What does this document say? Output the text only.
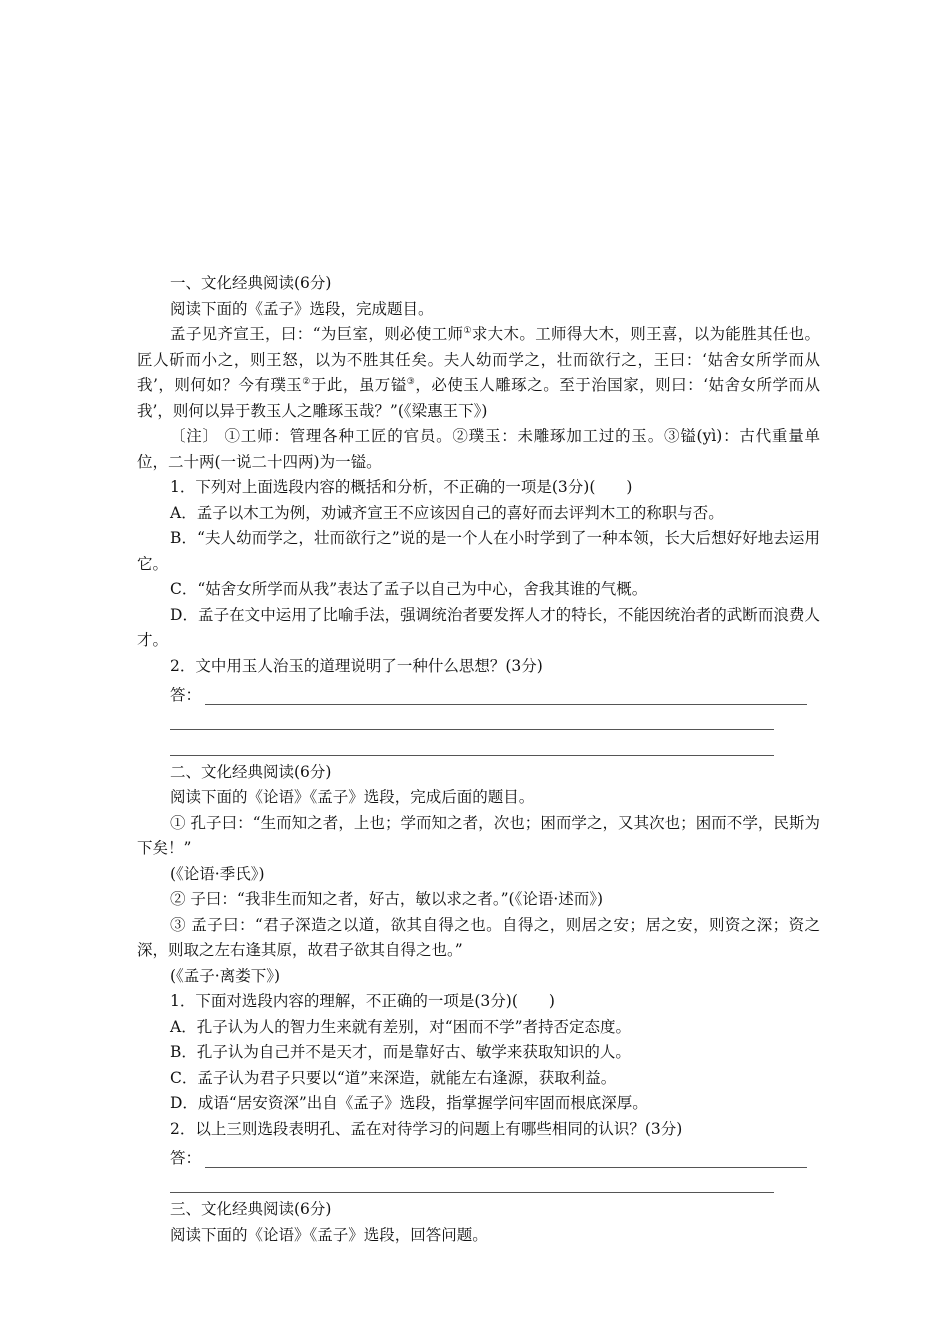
一、文化经典阅读(6分)

阅读下面的《孟子》选段，完成题目。

孟子见齐宣王，曰：“为巨室，则必使工师①求大木。工师得大木，则王喜，以为能胜其任也。匠人斫而小之，则王怒，以为不胜其任矣。夫人幼而学之，壮而欲行之，王曰：‘姑舍女所学而从我’，则何如？今有璞玉②于此，虽万镒③，必使玉人雕琢之。至于治国家，则曰：‘姑舍女所学而从我’，则何以异于教玉人之雕琢玉哉？”(《梁惠王下》)

〔注〕 ①工师：管理各种工匠的官员。②璞玉：未雕琢加工过的玉。③镒(yì)：古代重量单位，二十两(一说二十四两)为一镒。

1．下列对上面选段内容的概括和分析，不正确的一项是(3分)(　　)

A．孟子以木工为例，劝诫齐宣王不应该因自己的喜好而去评判木工的称职与否。

B．“夫人幼而学之，壮而欲行之”说的是一个人在小时学到了一种本领，长大后想好好地去运用它。

C．“姑舍女所学而从我”表达了孟子以自己为中心，舍我其谁的气概。

D．孟子在文中运用了比喻手法，强调统治者要发挥人才的特长，不能因统治者的武断而浪费人才。

2．文中用玉人治玉的道理说明了一种什么思想？(3分)

答：

二、文化经典阅读(6分)

阅读下面的《论语》《孟子》选段，完成后面的题目。

① 孔子曰：“生而知之者，上也；学而知之者，次也；困而学之，又其次也；困而不学，民斯为下矣！”

(《论语·季氏》)

② 子曰：“我非生而知之者，好古，敏以求之者。”(《论语·述而》)

③ 孟子曰：“君子深造之以道，欲其自得之也。自得之，则居之安；居之安，则资之深；资之深，则取之左右逢其原，故君子欲其自得之也。”

(《孟子·离娄下》)

1．下面对选段内容的理解，不正确的一项是(3分)(　　)

A．孔子认为人的智力生来就有差别，对“困而不学”者持否定态度。

B．孔子认为自己并不是天才，而是靠好古、敏学来获取知识的人。

C．孟子认为君子只要以“道”来深造，就能左右逢源，获取利益。

D．成语“居安资深”出自《孟子》选段，指掌握学问牢固而根底深厚。

2．以上三则选段表明孔、孟在对待学习的问题上有哪些相同的认识？(3分)

答：

三、文化经典阅读(6分)

阅读下面的《论语》《孟子》选段，回答问题。
